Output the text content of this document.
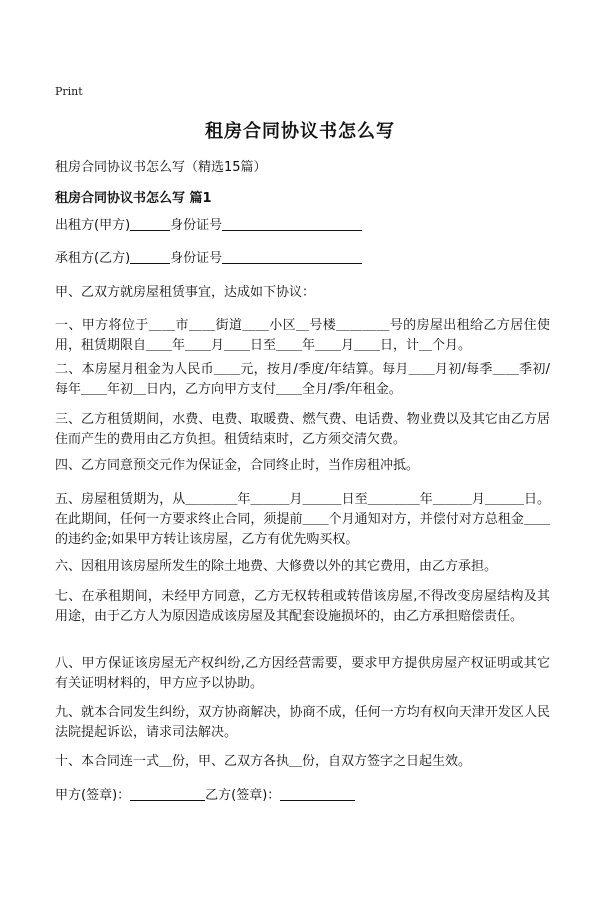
Print
租房合同协议书怎么写
租房合同协议书怎么写（精选15篇）
租房合同协议书怎么写 篇1
出租方(甲方)	身份证号
承租方(乙方)	身份证号
甲、乙双方就房屋租赁事宜，达成如下协议：
一、甲方将位于＿＿市＿＿街道＿＿小区＿号楼＿＿＿＿号的房屋出租给乙方居住使用，租赁期限自＿＿年＿＿月＿＿日至＿＿年＿＿月＿＿日，计＿个月。
二、本房屋月租金为人民币＿＿元，按月/季度/年结算。每月＿＿月初/每季＿＿季初/每年＿＿年初＿日内，乙方向甲方支付＿＿全月/季/年租金。
三、乙方租赁期间，水费、电费、取暖费、燃气费、电话费、物业费以及其它由乙方居住而产生的费用由乙方负担。租赁结束时，乙方须交清欠费。
四、乙方同意预交元作为保证金，合同终止时，当作房租冲抵。
五、房屋租赁期为，从＿＿＿＿年＿＿＿月＿＿＿日至＿＿＿＿年＿＿＿月＿＿＿日。在此期间，任何一方要求终止合同，须提前＿＿个月通知对方，并偿付对方总租金＿＿的违约金;如果甲方转让该房屋，乙方有优先购买权。
六、因租用该房屋所发生的除土地费、大修费以外的其它费用，由乙方承担。
七、在承租期间，未经甲方同意，乙方无权转租或转借该房屋,不得改变房屋结构及其用途，由于乙方人为原因造成该房屋及其配套设施损坏的，由乙方承担赔偿责任。
八、甲方保证该房屋无产权纠纷,乙方因经营需要，要求甲方提供房屋产权证明或其它有关证明材料的，甲方应予以协助。
九、就本合同发生纠纷，双方协商解决，协商不成，任何一方均有权向天津开发区人民法院提起诉讼，请求司法解决。
十、本合同连一式＿份，甲、乙双方各执＿份，自双方签字之日起生效。
甲方(签章)：	乙方(签章)：
